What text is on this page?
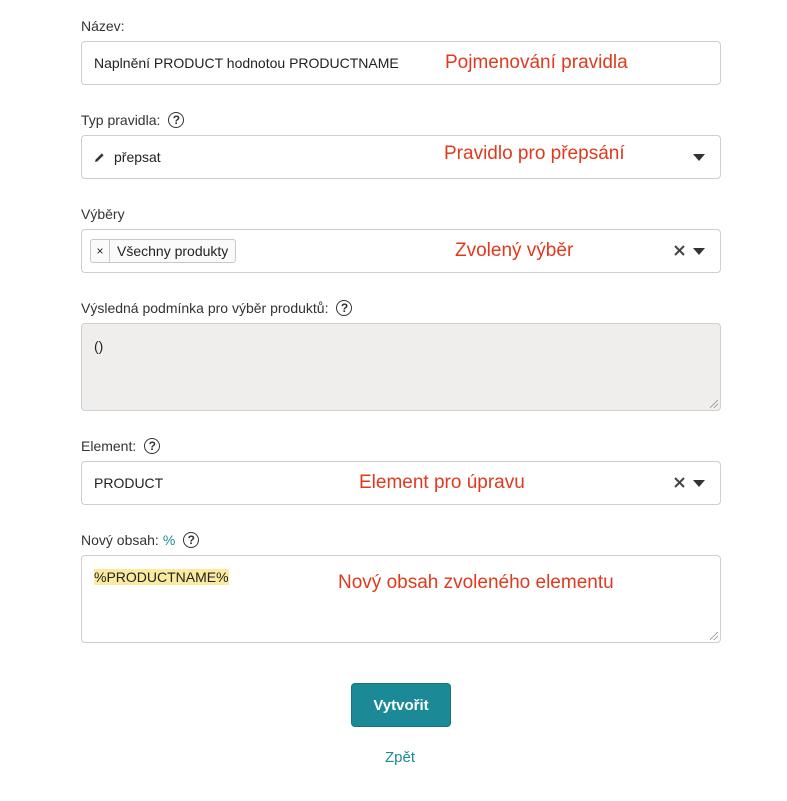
Název:
Naplnění PRODUCT hodnotou PRODUCTNAME Pojmenování pravidla
Typ pravidla:	?
přepsat	Pravidlo pro přepsání
Výběry
× Všechny produkty	Zvolený výběr
Výsledná podmínka pro výběr produktů:	?
()
Element:	?
PRODUCT	Element pro úpravu
Nový obsah: %	?
%PRODUCTNAME%	Nový obsah zvoleného elementu
Vytvořit
Zpět
